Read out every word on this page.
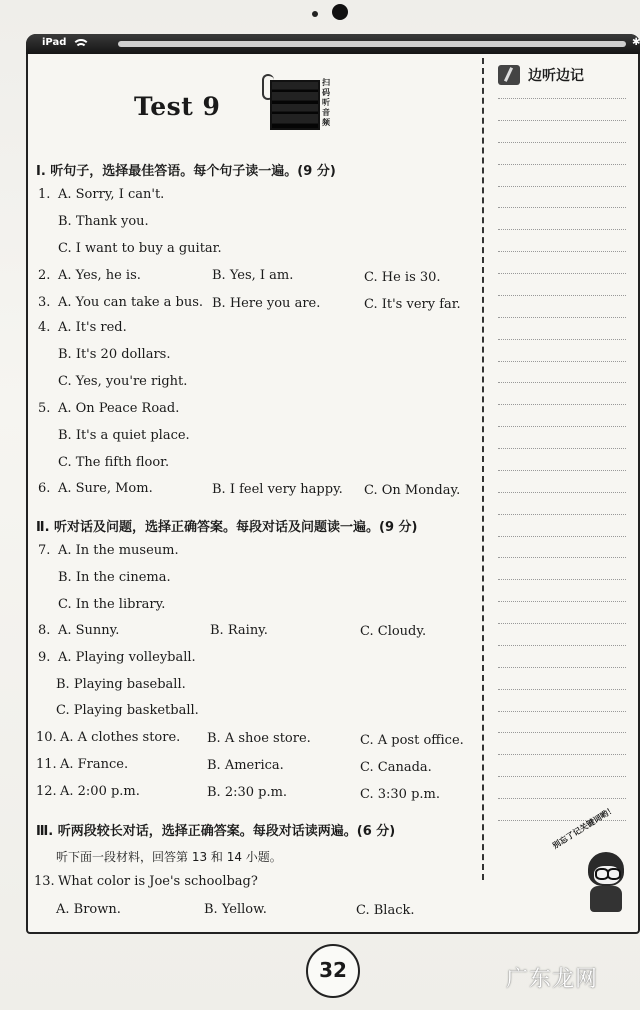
iPad	✱
Test 9
扫码听音频
Ⅰ. 听句子，选择最佳答语。每个句子读一遍。(9 分)
1. A. Sorry, I can't.
B. Thank you.
C. I want to buy a guitar.
2. A. Yes, he is.	B. Yes, I am.	C. He is 30.
3. A. You can take a bus. B. Here you are.	C. It's very far.
4. A. It's red.
B. It's 20 dollars.
C. Yes, you're right.
5. A. On Peace Road.
B. It's a quiet place.
C. The fifth floor.
6. A. Sure, Mom.	B. I feel very happy. C. On Monday.
Ⅱ. 听对话及问题，选择正确答案。每段对话及问题读一遍。(9 分)
7. A. In the museum.
B. In the cinema.
C. In the library.
8. A. Sunny.	B. Rainy.	C. Cloudy.
9. A. Playing volleyball.
B. Playing baseball.
C. Playing basketball.
10. A. A clothes store. B. A shoe store.	C. A post office.
11. A. France.	B. America.	C. Canada.
12. A. 2:00 p.m.	B. 2:30 p.m.	C. 3:30 p.m.
Ⅲ. 听两段较长对话，选择正确答案。每段对话读两遍。(6 分)
听下面一段材料，回答第 13 和 14 小题。
13. What color is Joe's schoolbag?
A. Brown.	B. Yellow.	C. Black.
边听边记
别忘了记关键词哟！
32	广东龙网
